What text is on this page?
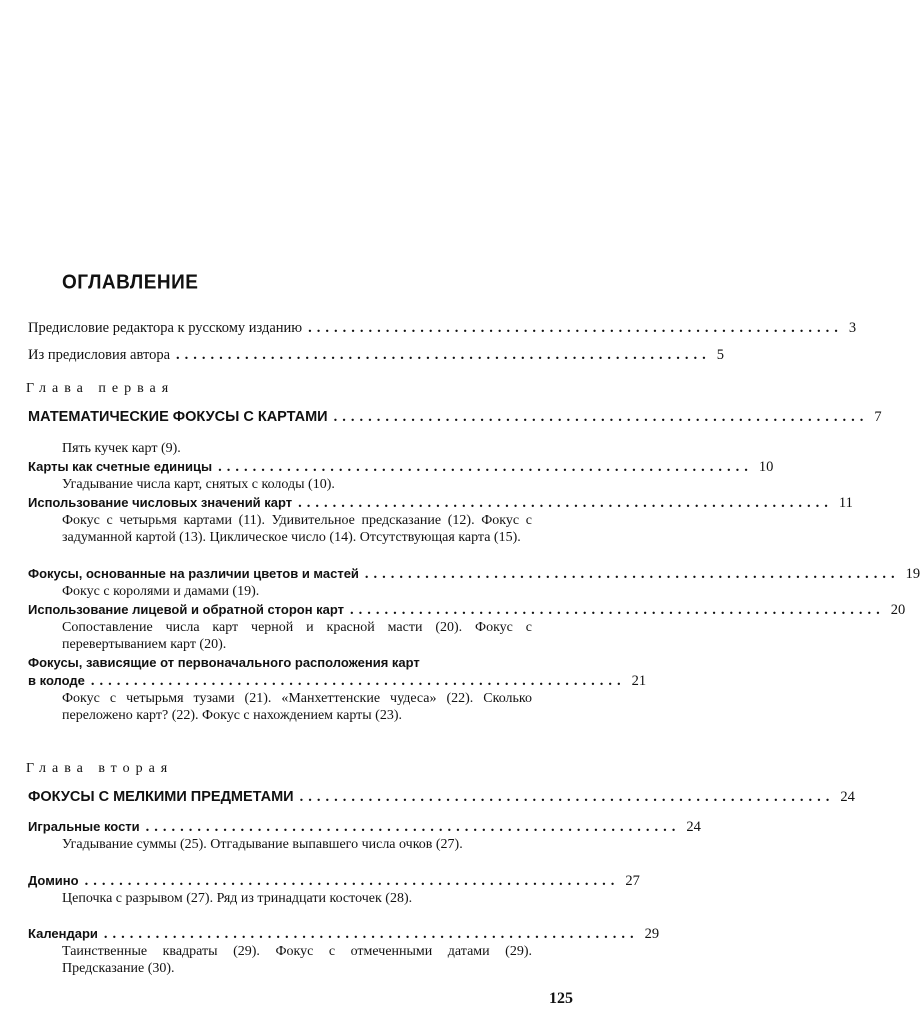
ОГЛАВЛЕНИЕ
Предисловие редактора к русскому изданию .............................................................. 3
Из предисловия автора .............................................................. 5
Глава первая
МАТЕМАТИЧЕСКИЕ ФОКУСЫ С КАРТАМИ .............................................................. 7
Пять кучек карт (9).
Карты как счетные единицы .............................................................. 10
Угадывание числа карт, снятых с колоды (10).
Использование числовых значений карт .............................................................. 11
Фокус с четырьмя картами (11). Удивительное предсказание (12). Фокус с задуманной картой (13). Циклическое число (14). Отсутствующая карта (15).
Фокусы, основанные на различии цветов и мастей .............................................................. 19
Фокус с королями и дамами (19).
Использование лицевой и обратной сторон карт .............................................................. 20
Сопоставление числа карт черной и красной масти (20). Фокус с перевертыванием карт (20).
Фокусы, зависящие от первоначального расположения карт
в колоде .............................................................. 21
Фокус с четырьмя тузами (21). «Манхеттенские чудеса» (22). Сколько переложено карт? (22). Фокус с нахождением карты (23).
Глава вторая
ФОКУСЫ С МЕЛКИМИ ПРЕДМЕТАМИ .............................................................. 24
Игральные кости .............................................................. 24
Угадывание суммы (25). Отгадывание выпавшего числа очков (27).
Домино .............................................................. 27
Цепочка с разрывом (27). Ряд из тринадцати косточек (28).
Календари .............................................................. 29
Таинственные квадраты (29). Фокус с отмеченными датами (29). Предсказание (30).
125
